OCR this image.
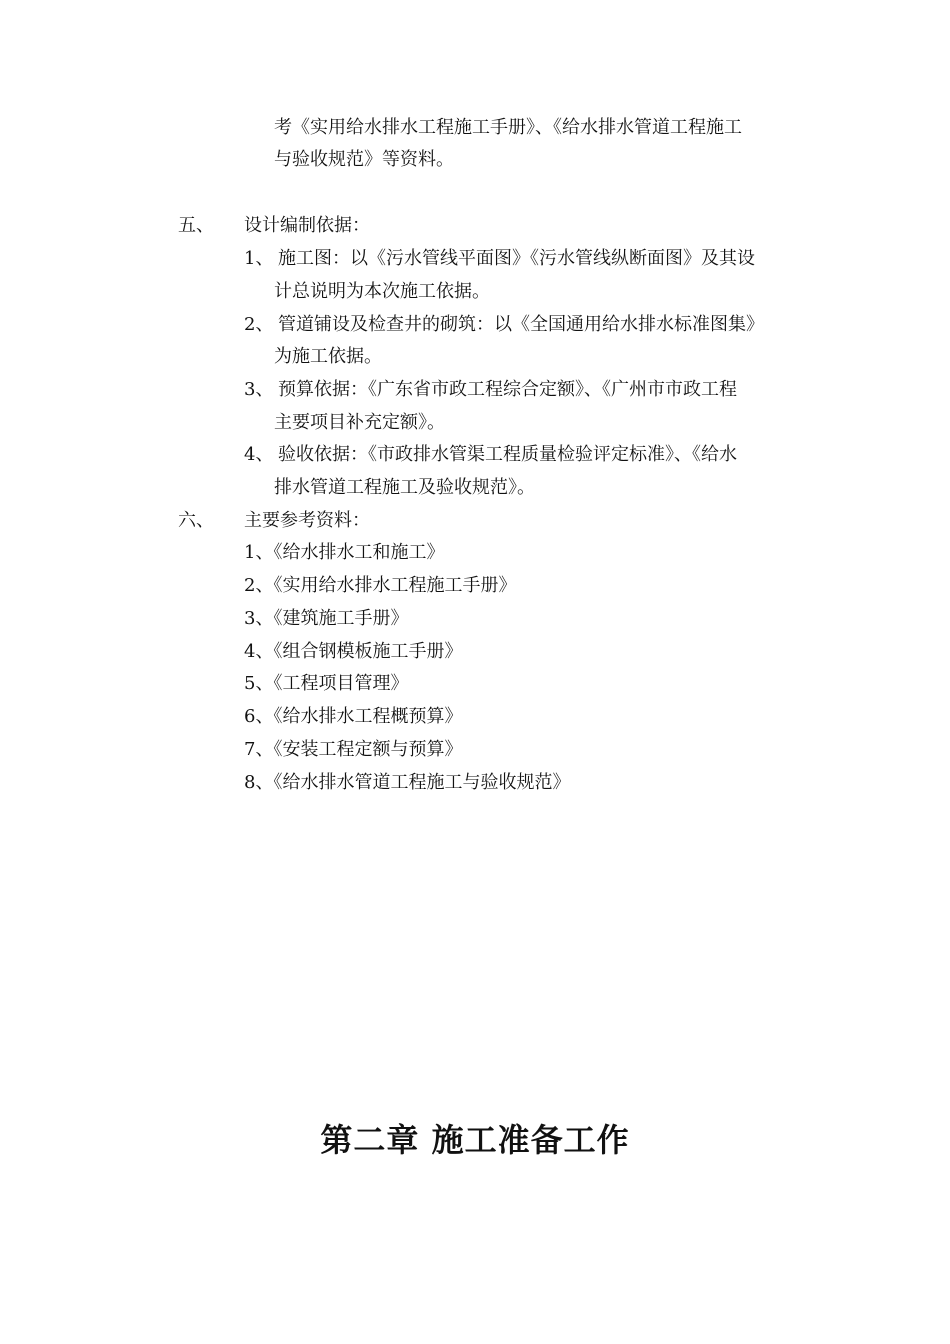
考《实用给水排水工程施工手册》、《给水排水管道工程施工
与验收规范》等资料。
五、 设计编制依据：
1、 施工图：以《污水管线平面图》《污水管线纵断面图》及其设
计总说明为本次施工依据。
2、 管道铺设及检查井的砌筑：以《全国通用给水排水标准图集》
为施工依据。
3、 预算依据：《广东省市政工程综合定额》、《广州市市政工程
主要项目补充定额》。
4、 验收依据：《市政排水管渠工程质量检验评定标准》、《给水
排水管道工程施工及验收规范》。
六、 主要参考资料：
1、《给水排水工和施工》
2、《实用给水排水工程施工手册》
3、《建筑施工手册》
4、《组合钢模板施工手册》
5、《工程项目管理》
6、《给水排水工程概预算》
7、《安装工程定额与预算》
8、《给水排水管道工程施工与验收规范》
第二章 施工准备工作
